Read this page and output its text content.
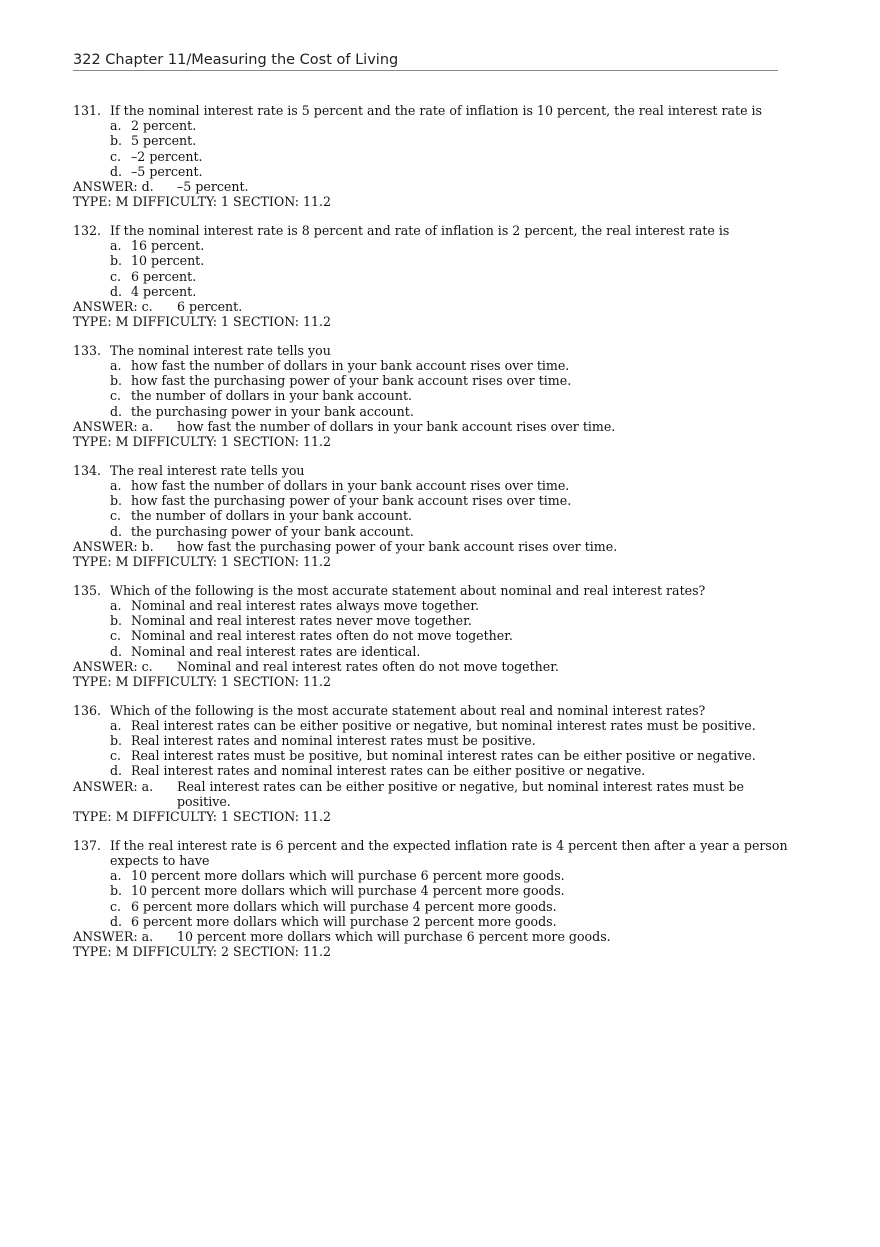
322 Chapter 11/Measuring the Cost of Living
131. If the nominal interest rate is 5 percent and the rate of inflation is 10 percent, the real interest rate is
a. 2 percent.
b. 5 percent.
c. –2 percent.
d. –5 percent.
ANSWER: d.	–5 percent.
TYPE: M DIFFICULTY: 1 SECTION: 11.2
132. If the nominal interest rate is 8 percent and rate of inflation is 2 percent, the real interest rate is
a. 16 percent.
b. 10 percent.
c. 6 percent.
d. 4 percent.
ANSWER: c.	6 percent.
TYPE: M DIFFICULTY: 1 SECTION: 11.2
133. The nominal interest rate tells you
a. how fast the number of dollars in your bank account rises over time.
b. how fast the purchasing power of your bank account rises over time.
c. the number of dollars in your bank account.
d. the purchasing power in your bank account.
ANSWER: a.	how fast the number of dollars in your bank account rises over time.
TYPE: M DIFFICULTY: 1 SECTION: 11.2
134. The real interest rate tells you
a. how fast the number of dollars in your bank account rises over time.
b. how fast the purchasing power of your bank account rises over time.
c. the number of dollars in your bank account.
d. the purchasing power of your bank account.
ANSWER: b.	how fast the purchasing power of your bank account rises over time.
TYPE: M DIFFICULTY: 1 SECTION: 11.2
135. Which of the following is the most accurate statement about nominal and real interest rates?
a. Nominal and real interest rates always move together.
b. Nominal and real interest rates never move together.
c. Nominal and real interest rates often do not move together.
d. Nominal and real interest rates are identical.
ANSWER: c.	Nominal and real interest rates often do not move together.
TYPE: M DIFFICULTY: 1 SECTION: 11.2
136. Which of the following is the most accurate statement about real and nominal interest rates?
a. Real interest rates can be either positive or negative, but nominal interest rates must be positive.
b. Real interest rates and nominal interest rates must be positive.
c. Real interest rates must be positive, but nominal interest rates can be either positive or negative.
d. Real interest rates and nominal interest rates can be either positive or negative.
ANSWER: a.	Real interest rates can be either positive or negative, but nominal interest rates must be positive.
TYPE: M DIFFICULTY: 1 SECTION: 11.2
137. If the real interest rate is 6 percent and the expected inflation rate is 4 percent then after a year a person expects to have
a. 10 percent more dollars which will purchase 6 percent more goods.
b. 10 percent more dollars which will purchase 4 percent more goods.
c. 6 percent more dollars which will purchase 4 percent more goods.
d. 6 percent more dollars which will purchase 2 percent more goods.
ANSWER: a.	10 percent more dollars which will purchase 6 percent more goods.
TYPE: M DIFFICULTY: 2 SECTION: 11.2
